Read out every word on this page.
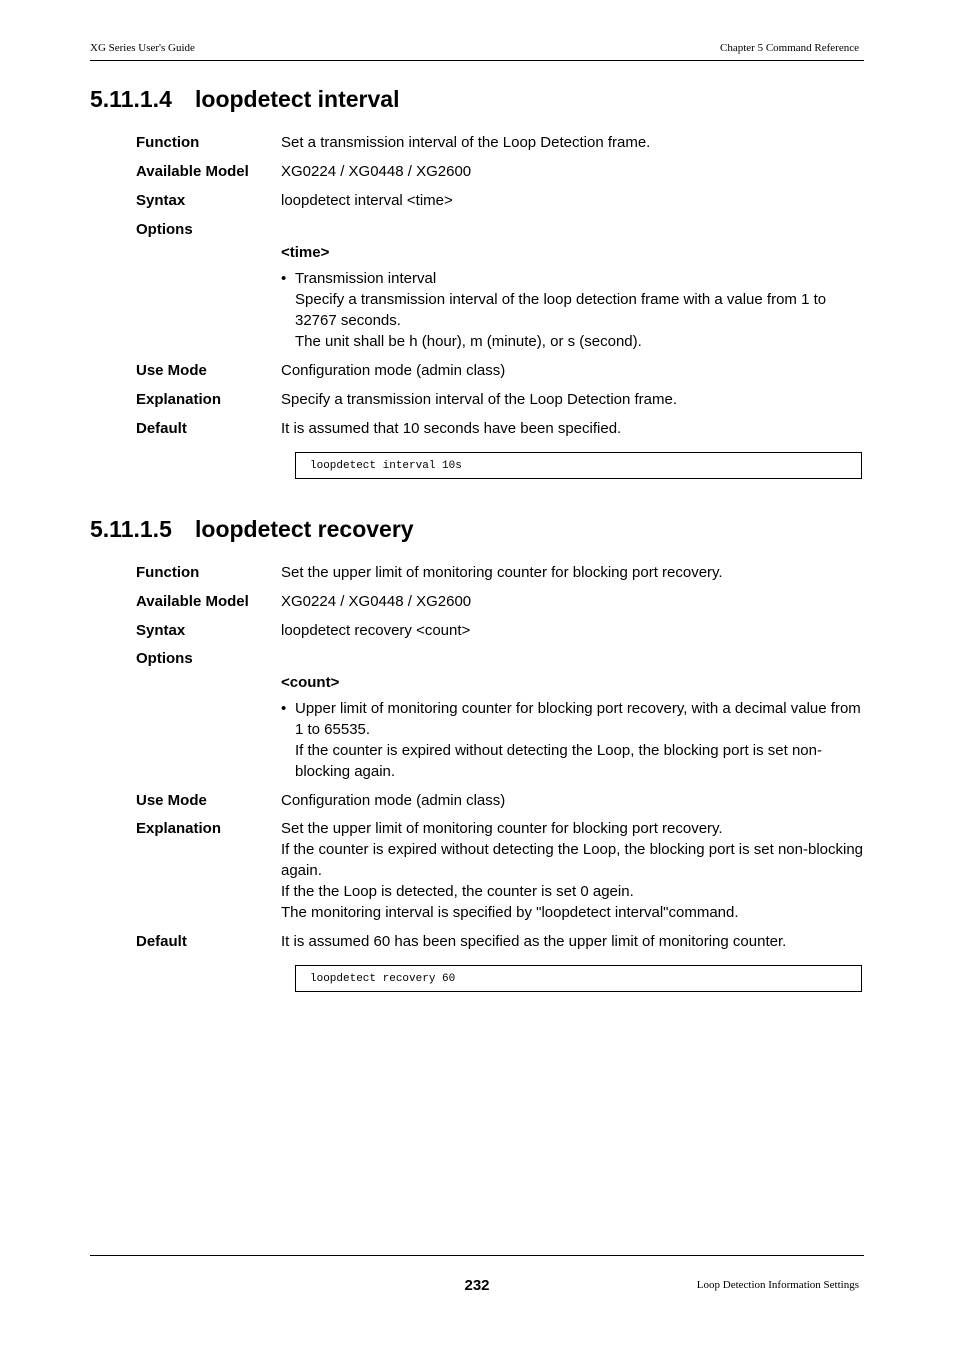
XG Series User's Guide	Chapter 5 Command Reference
5.11.1.4 loopdetect interval
Function	Set a transmission interval of the Loop Detection frame.
Available Model XG0224 / XG0448 / XG2600
Syntax	loopdetect interval <time>
Options
<time>
• Transmission interval
Specify a transmission interval of the loop detection frame with a value from 1 to 32767 seconds.
The unit shall be h (hour), m (minute), or s (second).
Use Mode	Configuration mode (admin class)
Explanation	Specify a transmission interval of the Loop Detection frame.
Default	It is assumed that 10 seconds have been specified.
loopdetect interval 10s
5.11.1.5 loopdetect recovery
Function	Set the upper limit of monitoring counter for blocking port recovery.
Available Model XG0224 / XG0448 / XG2600
Syntax	loopdetect recovery <count>
Options
<count>
• Upper limit of monitoring counter for blocking port recovery, with a decimal value from 1 to 65535.
If the counter is expired without detecting the Loop, the blocking port is set non-blocking again.
Use Mode	Configuration mode (admin class)
Explanation	Set the upper limit of monitoring counter for blocking port recovery.
If the counter is expired without detecting the Loop, the blocking port is set non-blocking again.
If the the Loop is detected, the counter is set 0 agein.
The monitoring interval is specified by "loopdetect interval"command.
Default	It is assumed 60 has been specified as the upper limit of monitoring counter.
loopdetect recovery 60
232	Loop Detection Information Settings
